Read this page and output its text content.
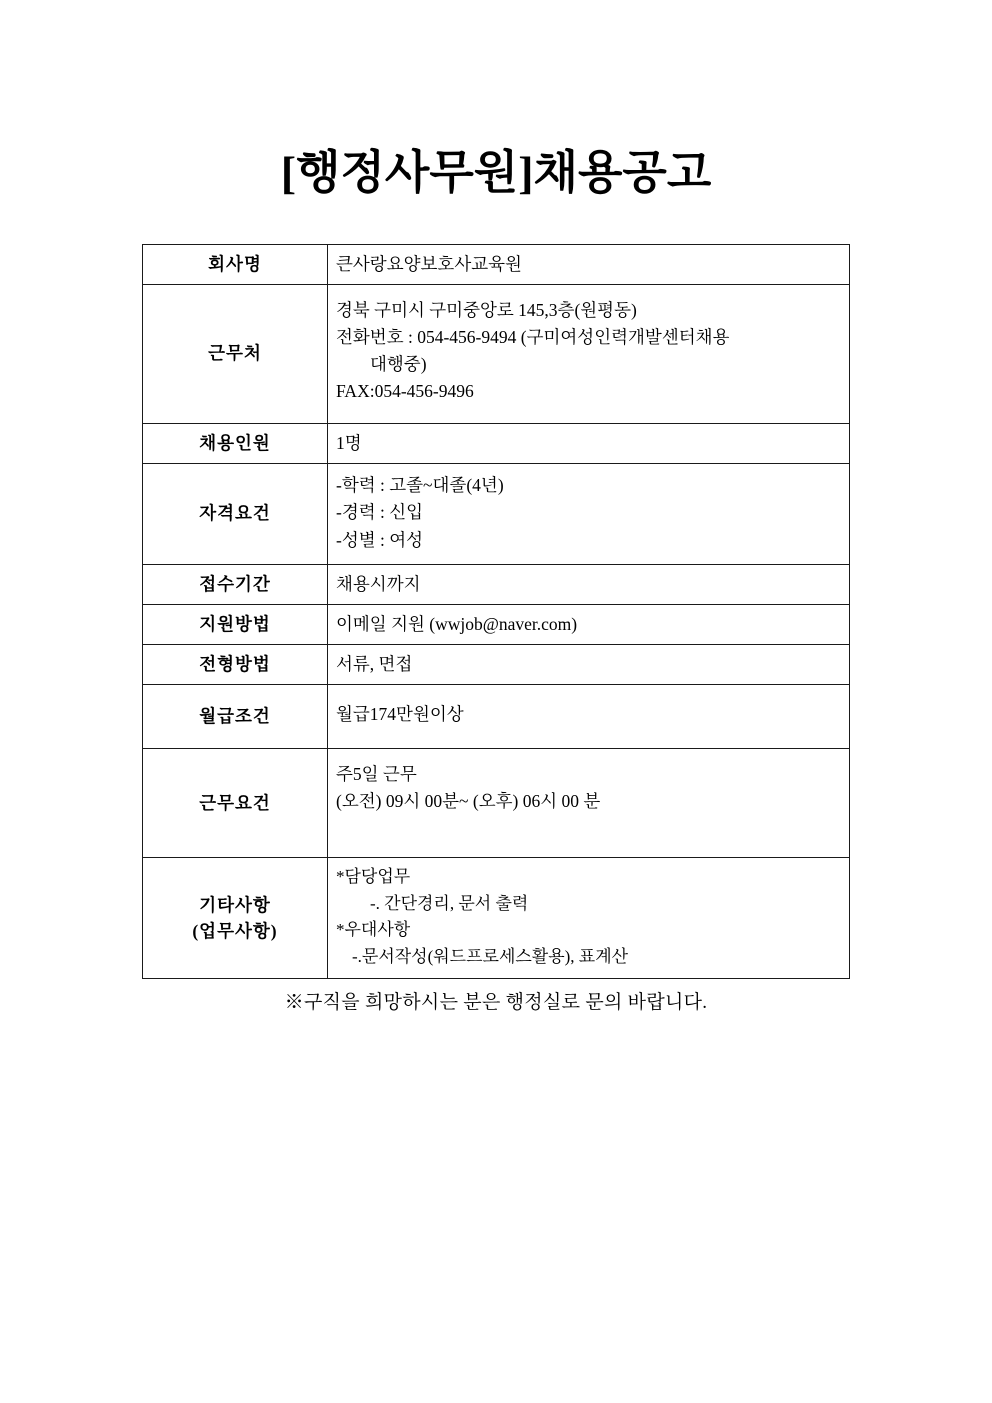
[행정사무원]채용공고
회사명	큰사랑요양보호사교육원
근무처	경북 구미시 구미중앙로 145,3층(원평동)
전화번호 : 054-456-9494 (구미여성인력개발센터채용
대행중)
FAX:054-456-9496

채용인원	1명
자격요건	-학력 : 고졸~대졸(4년)
-경력 : 신입
-성별 : 여성

접수기간	채용시까지
지원방법	이메일 지원 (wwjob@naver.com)
전형방법	서류, 면접
월급조건	월급174만원이상
근무요건	주5일 근무
(오전) 09시 00분~ (오후) 06시 00 분

기타사항
(업무사항)	*담당업무
-. 간단경리, 문서 출력
*우대사항
-.문서작성(워드프로세스활용), 표계산
※구직을 희망하시는 분은 행정실로 문의 바랍니다.
